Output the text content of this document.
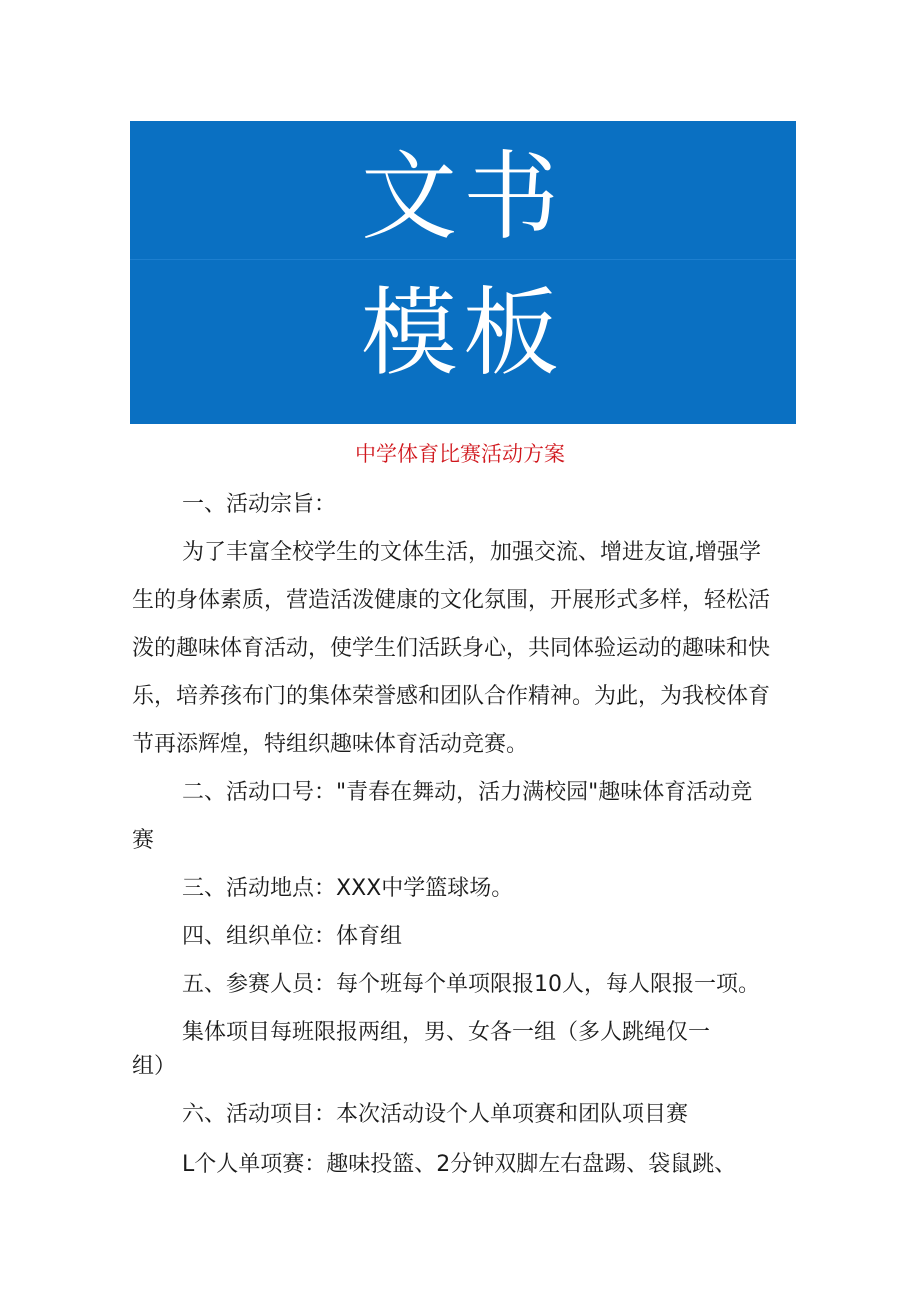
文书
模板
中学体育比赛活动方案
一、活动宗旨：
为了丰富全校学生的文体生活，加强交流、增进友谊,增强学
生的身体素质，营造活泼健康的文化氛围，开展形式多样，轻松活
泼的趣味体育活动，使学生们活跃身心，共同体验运动的趣味和快
乐，培养孩布门的集体荣誉感和团队合作精神。为此，为我校体育
节再添辉煌，特组织趣味体育活动竞赛。
二、活动口号："青春在舞动，活力满校园"趣味体育活动竞
赛
三、活动地点：XXX中学篮球场。
四、组织单位：体育组
五、参赛人员：每个班每个单项限报10人，每人限报一项。
集体项目每班限报两组，男、女各一组（多人跳绳仅一
组）
六、活动项目：本次活动设个人单项赛和团队项目赛
L个人单项赛：趣味投篮、2分钟双脚左右盘踢、袋鼠跳、
